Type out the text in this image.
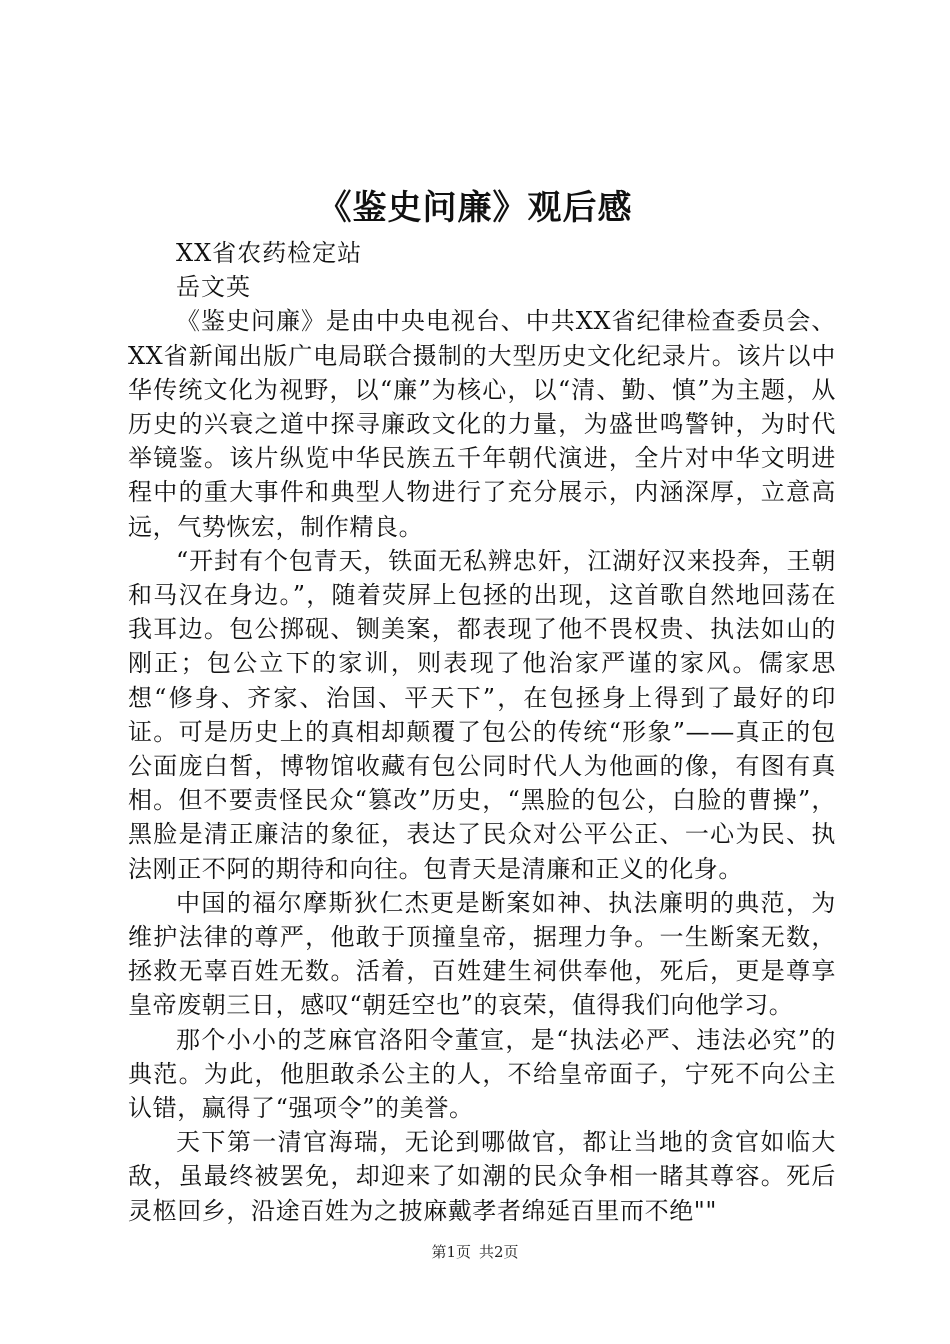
《鉴史问廉》观后感

XX省农药检定站

岳文英

《鉴史问廉》是由中央电视台、中共XX省纪律检查委员会、XX省新闻出版广电局联合摄制的大型历史文化纪录片。该片以中华传统文化为视野，以“廉”为核心，以“清、勤、慎”为主题，从历史的兴衰之道中探寻廉政文化的力量，为盛世鸣警钟，为时代举镜鉴。该片纵览中华民族五千年朝代演进，全片对中华文明进程中的重大事件和典型人物进行了充分展示，内涵深厚，立意高远，气势恢宏，制作精良。

“开封有个包青天，铁面无私辨忠奸，江湖好汉来投奔，王朝和马汉在身边。”，随着荧屏上包拯的出现，这首歌自然地回荡在我耳边。包公掷砚、铡美案，都表现了他不畏权贵、执法如山的刚正；包公立下的家训，则表现了他治家严谨的家风。儒家思想“修身、齐家、治国、平天下”，在包拯身上得到了最好的印证。可是历史上的真相却颠覆了包公的传统“形象”——真正的包公面庞白皙，博物馆收藏有包公同时代人为他画的像，有图有真相。但不要责怪民众“篡改”历史，“黑脸的包公，白脸的曹操”，黑脸是清正廉洁的象征，表达了民众对公平公正、一心为民、执法刚正不阿的期待和向往。包青天是清廉和正义的化身。

中国的福尔摩斯狄仁杰更是断案如神、执法廉明的典范，为维护法律的尊严，他敢于顶撞皇帝，据理力争。一生断案无数，拯救无辜百姓无数。活着，百姓建生祠供奉他，死后，更是尊享皇帝废朝三日，感叹“朝廷空也”的哀荣，值得我们向他学习。

那个小小的芝麻官洛阳令董宣，是“执法必严、违法必究”的典范。为此，他胆敢杀公主的人，不给皇帝面子，宁死不向公主认错，赢得了“强项令”的美誉。

天下第一清官海瑞，无论到哪做官，都让当地的贪官如临大敌，虽最终被罢免，却迎来了如潮的民众争相一睹其尊容。死后灵柩回乡，沿途百姓为之披麻戴孝者绵延百里而不绝""

第1页 共2页
